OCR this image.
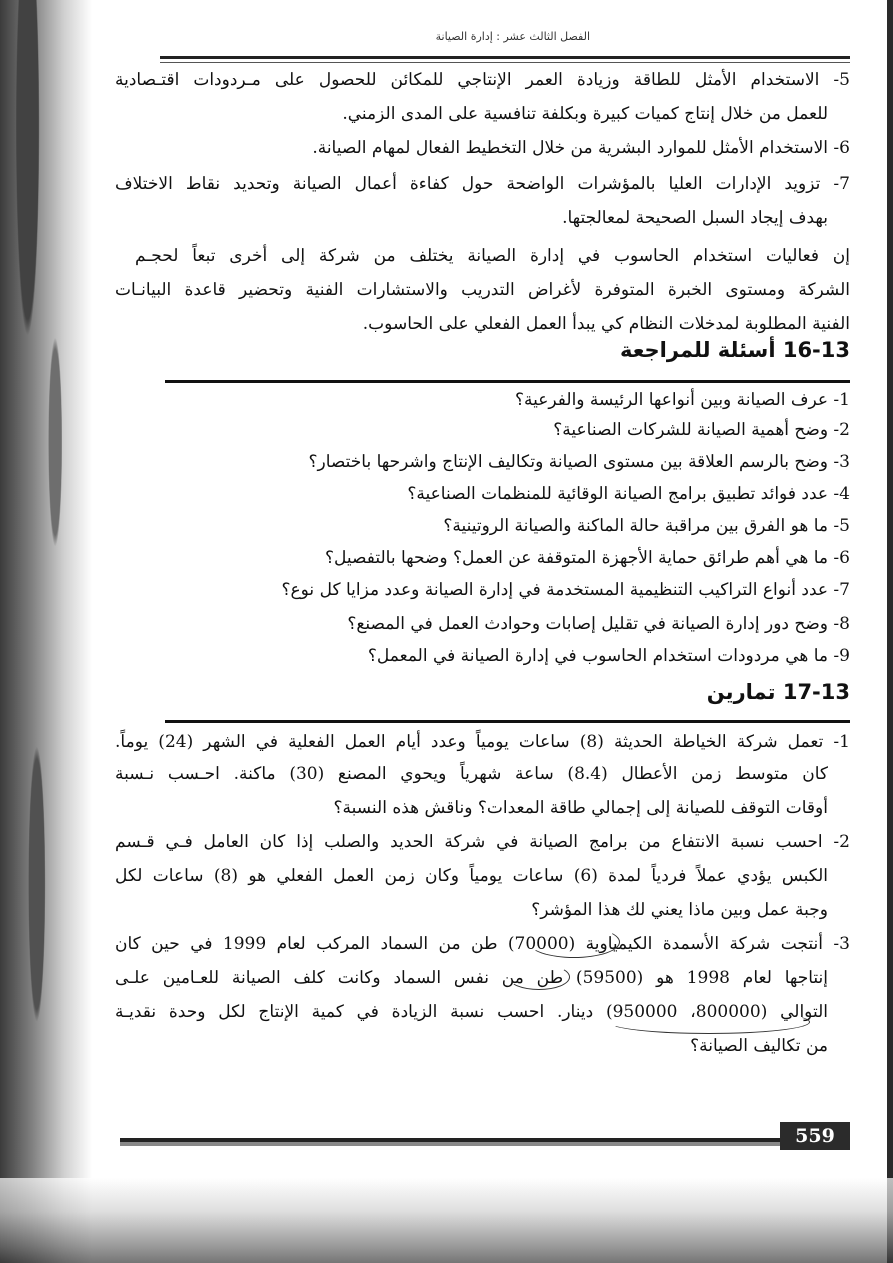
الفصل الثالث عشر : إدارة الصيانة
5- الاستخدام الأمثل للطاقة وزيادة العمر الإنتاجي للمكائن للحصول على مـردودات اقتـصادية
للعمل من خلال إنتاج كميات كبيرة وبكلفة تنافسية على المدى الزمني.
6- الاستخدام الأمثل للموارد البشرية من خلال التخطيط الفعال لمهام الصيانة.
7- تزويد الإدارات العليا بالمؤشرات الواضحة حول كفاءة أعمال الصيانة وتحديد نقاط الاختلاف
بهدف إيجاد السبل الصحيحة لمعالجتها.
إن فعاليات استخدام الحاسوب في إدارة الصيانة يختلف من شركة إلى أخرى تبعاً لحجـم
الشركة ومستوى الخبرة المتوفرة لأغراض التدريب والاستشارات الفنية وتحضير قاعدة البيانـات
الفنية المطلوبة لمدخلات النظام كي يبدأ العمل الفعلي على الحاسوب.
16-13 أسئلة للمراجعة
1- عرف الصيانة وبين أنواعها الرئيسة والفرعية؟
2- وضح أهمية الصيانة للشركات الصناعية؟
3- وضح بالرسم العلاقة بين مستوى الصيانة وتكاليف الإنتاج واشرحها باختصار؟
4- عدد فوائد تطبيق برامج الصيانة الوقائية للمنظمات الصناعية؟
5- ما هو الفرق بين مراقبة حالة الماكنة والصيانة الروتينية؟
6- ما هي أهم طرائق حماية الأجهزة المتوقفة عن العمل؟ وضحها بالتفصيل؟
7- عدد أنواع التراكيب التنظيمية المستخدمة في إدارة الصيانة وعدد مزايا كل نوع؟
8- وضح دور إدارة الصيانة في تقليل إصابات وحوادث العمل في المصنع؟
9- ما هي مردودات استخدام الحاسوب في إدارة الصيانة في المعمل؟
17-13 تمارين
1- تعمل شركة الخياطة الحديثة (8) ساعات يومياً وعدد أيام العمل الفعلية في الشهر (24) يوماً.
كان متوسط زمن الأعطال (8.4) ساعة شهرياً ويحوي المصنع (30) ماكنة. احـسب نـسبة
أوقات التوقف للصيانة إلى إجمالي طاقة المعدات؟ وناقش هذه النسبة؟
2- احسب نسبة الانتفاع من برامج الصيانة في شركة الحديد والصلب إذا كان العامل فـي قـسم
الكبس يؤدي عملاً فردياً لمدة (6) ساعات يومياً وكان زمن العمل الفعلي هو (8) ساعات لكل
وجبة عمل وبين ماذا يعني لك هذا المؤشر؟
3- أنتجت شركة الأسمدة الكيمياوية (70000) طن من السماد المركب لعام 1999 في حين كان
إنتاجها لعام 1998 هو (59500) طن من نفس السماد وكانت كلف الصيانة للعـامين علـى
التوالي (800000، 950000) دينار. احسب نسبة الزيادة في كمية الإنتاج لكل وحدة نقديـة
من تكاليف الصيانة؟
559
